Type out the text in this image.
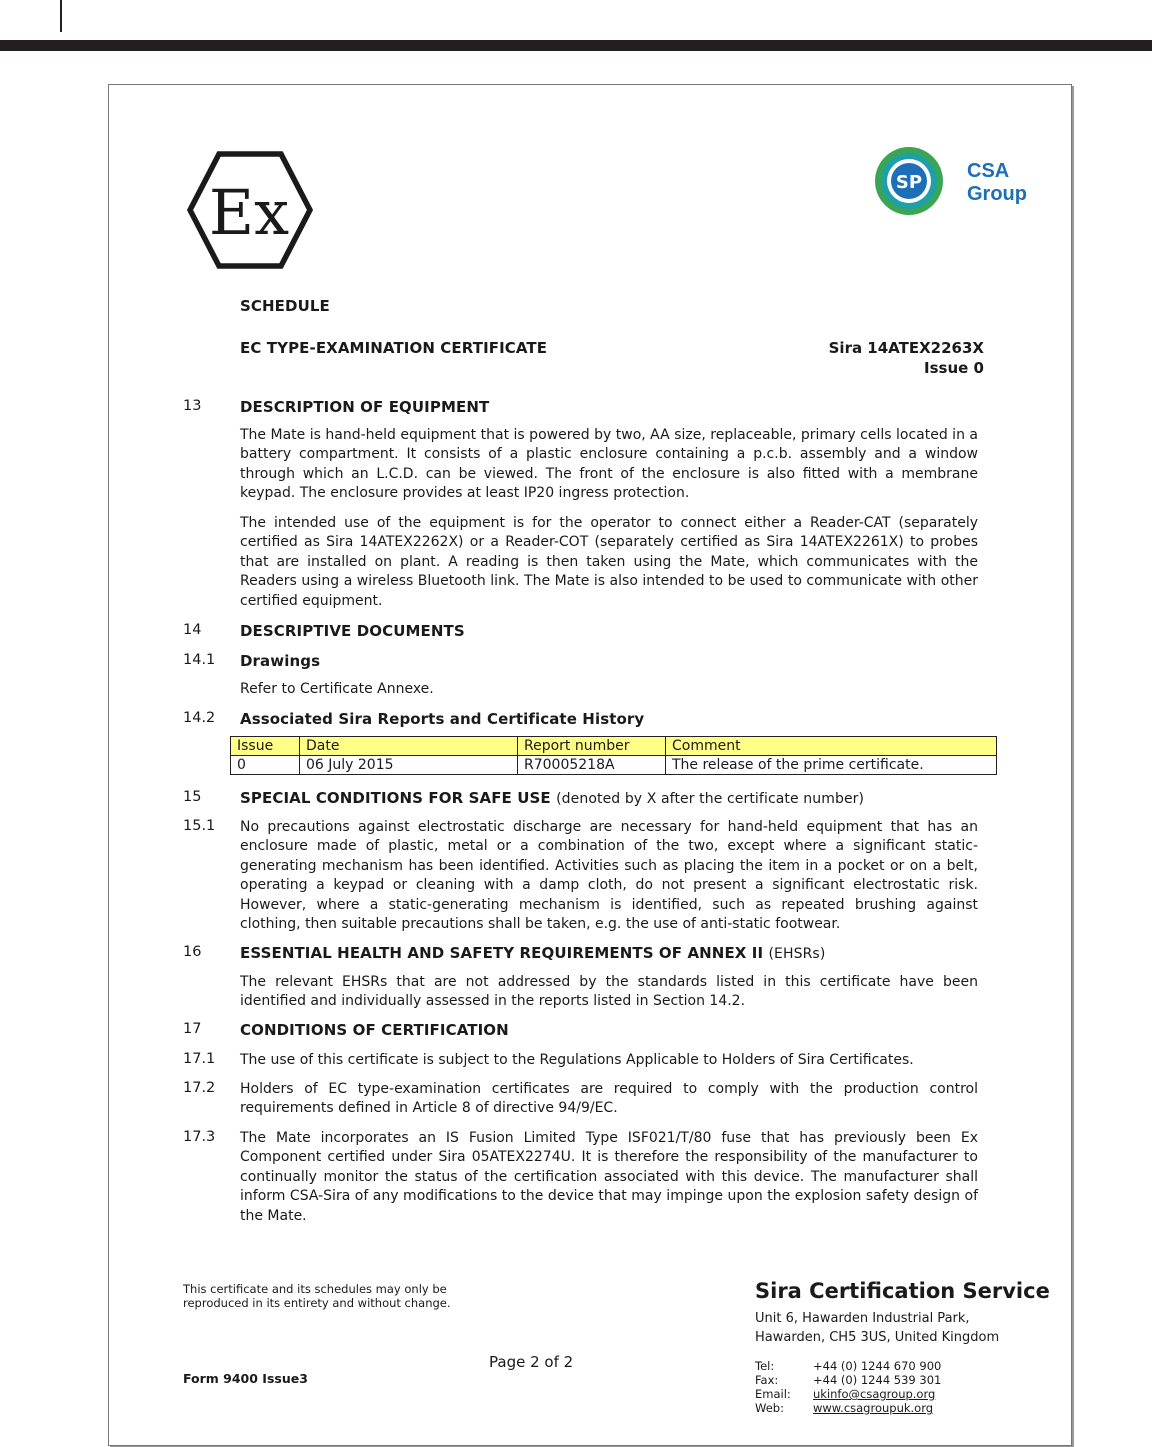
Ex	SP
CSA
Group
SCHEDULE
EC TYPE-EXAMINATION CERTIFICATE	Sira 14ATEX2263X
Issue 0
13	DESCRIPTION OF EQUIPMENT
The Mate is hand-held equipment that is powered by two, AA size, replaceable, primary cells located in a battery compartment. It consists of a plastic enclosure containing a p.c.b. assembly and a window through which an L.C.D. can be viewed. The front of the enclosure is also fitted with a membrane keypad. The enclosure provides at least IP20 ingress protection.
The intended use of the equipment is for the operator to connect either a Reader-CAT (separately certified as Sira 14ATEX2262X) or a Reader-COT (separately certified as Sira 14ATEX2261X) to probes that are installed on plant. A reading is then taken using the Mate, which communicates with the Readers using a wireless Bluetooth link. The Mate is also intended to be used to communicate with other certified equipment.
14	DESCRIPTIVE DOCUMENTS
14.1 Drawings
Refer to Certificate Annexe.
14.2 Associated Sira Reports and Certificate History
Issue	Date	Report number	Comment
0	06 July 2015	R70005218A	The release of the prime certificate.
15	SPECIAL CONDITIONS FOR SAFE USE (denoted by X after the certificate number)
15.1 No precautions against electrostatic discharge are necessary for hand-held equipment that has an enclosure made of plastic, metal or a combination of the two, except where a significant static-generating mechanism has been identified. Activities such as placing the item in a pocket or on a belt, operating a keypad or cleaning with a damp cloth, do not present a significant electrostatic risk. However, where a static-generating mechanism is identified, such as repeated brushing against clothing, then suitable precautions shall be taken, e.g. the use of anti-static footwear.
16	ESSENTIAL HEALTH AND SAFETY REQUIREMENTS OF ANNEX II (EHSRs)
The relevant EHSRs that are not addressed by the standards listed in this certificate have been identified and individually assessed in the reports listed in Section 14.2.
17	CONDITIONS OF CERTIFICATION
17.1 The use of this certificate is subject to the Regulations Applicable to Holders of Sira Certificates.
17.2 Holders of EC type-examination certificates are required to comply with the production control requirements defined in Article 8 of directive 94/9/EC.
17.3 The Mate incorporates an IS Fusion Limited Type ISF021/T/80 fuse that has previously been Ex Component certified under Sira 05ATEX2274U. It is therefore the responsibility of the manufacturer to continually monitor the status of the certification associated with this device. The manufacturer shall inform CSA-Sira of any modifications to the device that may impinge upon the explosion safety design of the Mate.
This certificate and its schedules may only be
reproduced in its entirety and without change.
Form 9400 Issue3
Page 2 of 2
Sira Certification Service
Unit 6, Hawarden Industrial Park,
Hawarden, CH5 3US, United Kingdom
Tel:	+44 (0) 1244 670 900
Fax:	+44 (0) 1244 539 301
Email: ukinfo@csagroup.org
Web:	www.csagroupuk.org
